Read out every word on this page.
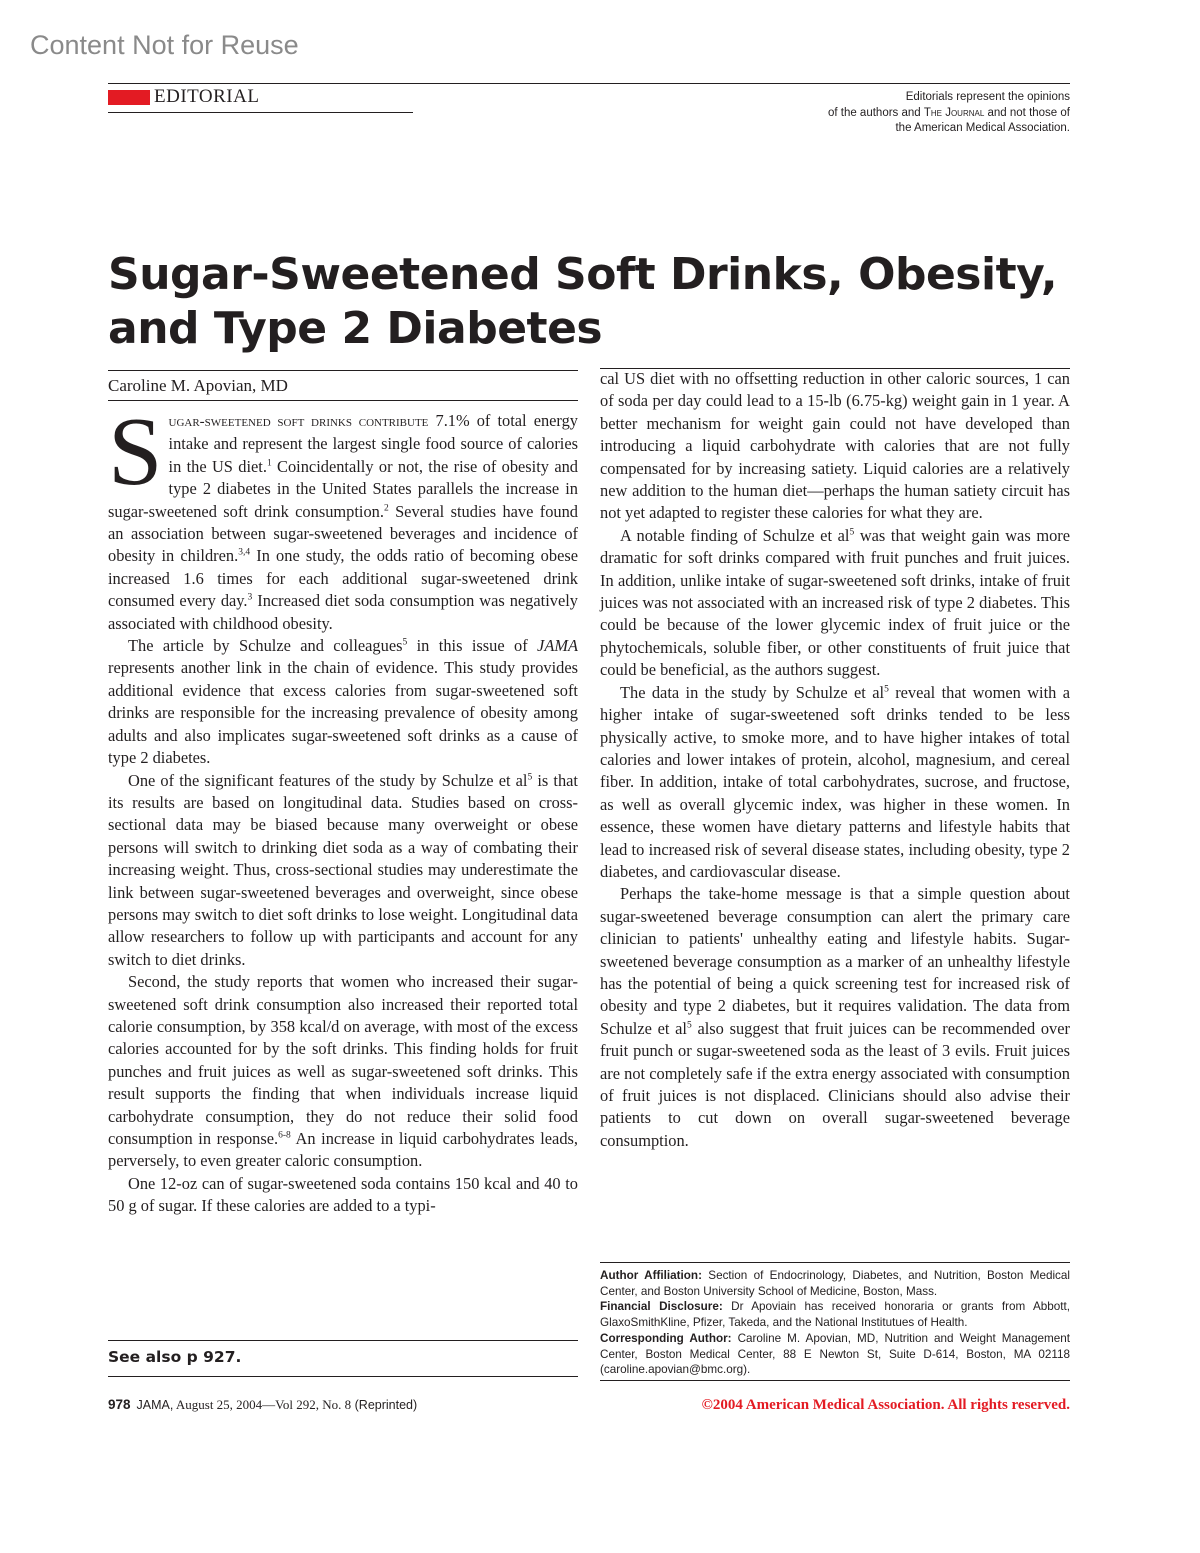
Content Not for Reuse
EDITORIAL	Editorials represent the opinions
of the authors and The Journal and not those of
the American Medical Association.
Sugar-Sweetened Soft Drinks, Obesity,
and Type 2 Diabetes
Caroline M. Apovian, MD

Sugar-sweetened soft drinks contribute 7.1% of total energy intake and represent the largest single food source of calories in the US diet.$^1$ Coincidentally or not, the rise of obesity and type 2 diabetes in the United States parallels the increase in sugar-sweetened soft drink consumption.$^2$ Several studies have found an association between sugar-sweetened beverages and incidence of obesity in children.$^{3,4}$ In one study, the odds ratio of becoming obese increased 1.6 times for each additional sugar-sweetened drink consumed every day.$^3$ Increased diet soda consumption was negatively associated with childhood obesity.

The article by Schulze and colleagues$^5$ in this issue of JAMA represents another link in the chain of evidence. This study provides additional evidence that excess calories from sugar-sweetened soft drinks are responsible for the increasing prevalence of obesity among adults and also implicates sugar-sweetened soft drinks as a cause of type 2 diabetes.

One of the significant features of the study by Schulze et $al^5$ is that its results are based on longitudinal data. Studies based on cross-sectional data may be biased because many overweight or obese persons will switch to drinking diet soda as a way of combating their increasing weight. Thus, cross-sectional studies may underestimate the link between sugar-sweetened beverages and overweight, since obese persons may switch to diet soft drinks to lose weight. Longitudinal data allow researchers to follow up with participants and account for any switch to diet drinks.

Second, the study reports that women who increased their sugar-sweetened soft drink consumption also increased their reported total calorie consumption, by 358 kcal/d on average, with most of the excess calories accounted for by the soft drinks. This finding holds for fruit punches and fruit juices as well as sugar-sweetened soft drinks. This result supports the finding that when individuals increase liquid carbohydrate consumption, they do not reduce their solid food consumption in response.$^{6-8}$ An increase in liquid carbohydrates leads, perversely, to even greater caloric consumption.

One 12-oz can of sugar-sweetened soda contains 150 kcal and 40 to 50 g of sugar. If these calories are added to a typi-

See also p 927.

cal US diet with no offsetting reduction in other caloric sources, 1 can of soda per day could lead to a 15-lb (6.75-kg) weight gain in 1 year. A better mechanism for weight gain could not have developed than introducing a liquid carbohydrate with calories that are not fully compensated for by increasing satiety. Liquid calories are a relatively new addition to the human diet—perhaps the human satiety circuit has not yet adapted to register these calories for what they are.

A notable finding of Schulze et $al^5$ was that weight gain was more dramatic for soft drinks compared with fruit punches and fruit juices. In addition, unlike intake of sugar-sweetened soft drinks, intake of fruit juices was not associated with an increased risk of type 2 diabetes. This could be because of the lower glycemic index of fruit juice or the phytochemicals, soluble fiber, or other constituents of fruit juice that could be beneficial, as the authors suggest.

The data in the study by Schulze et $al^5$ reveal that women with a higher intake of sugar-sweetened soft drinks tended to be less physically active, to smoke more, and to have higher intakes of total calories and lower intakes of protein, alcohol, magnesium, and cereal fiber. In addition, intake of total carbohydrates, sucrose, and fructose, as well as overall glycemic index, was higher in these women. In essence, these women have dietary patterns and lifestyle habits that lead to increased risk of several disease states, including obesity, type 2 diabetes, and cardiovascular disease.

Perhaps the take-home message is that a simple question about sugar-sweetened beverage consumption can alert the primary care clinician to patients' unhealthy eating and lifestyle habits. Sugar-sweetened beverage consumption as a marker of an unhealthy lifestyle has the potential of being a quick screening test for increased risk of obesity and type 2 diabetes, but it requires validation. The data from Schulze et $al^5$ also suggest that fruit juices can be recommended over fruit punch or sugar-sweetened soda as the least of 3 evils. Fruit juices are not completely safe if the extra energy associated with consumption of fruit juices is not displaced. Clinicians should also advise their patients to cut down on overall sugar-sweetened beverage consumption.

Author Affiliation: Section of Endocrinology, Diabetes, and Nutrition, Boston Medical Center, and Boston University School of Medicine, Boston, Mass.

Financial Disclosure: Dr Apoviain has received honoraria or grants from Abbott, GlaxoSmithKline, Pfizer, Takeda, and the National Institutues of Health.

Corresponding Author: Caroline M. Apovian, MD, Nutrition and Weight Management Center, Boston Medical Center, 88 E Newton St, Suite D-614, Boston, MA 02118 (caroline.apovian@bmc.org).

978 JAMA, August 25, 2004—Vol 292, No. 8 (Reprinted)	©2004 American Medical Association. All rights reserved.
